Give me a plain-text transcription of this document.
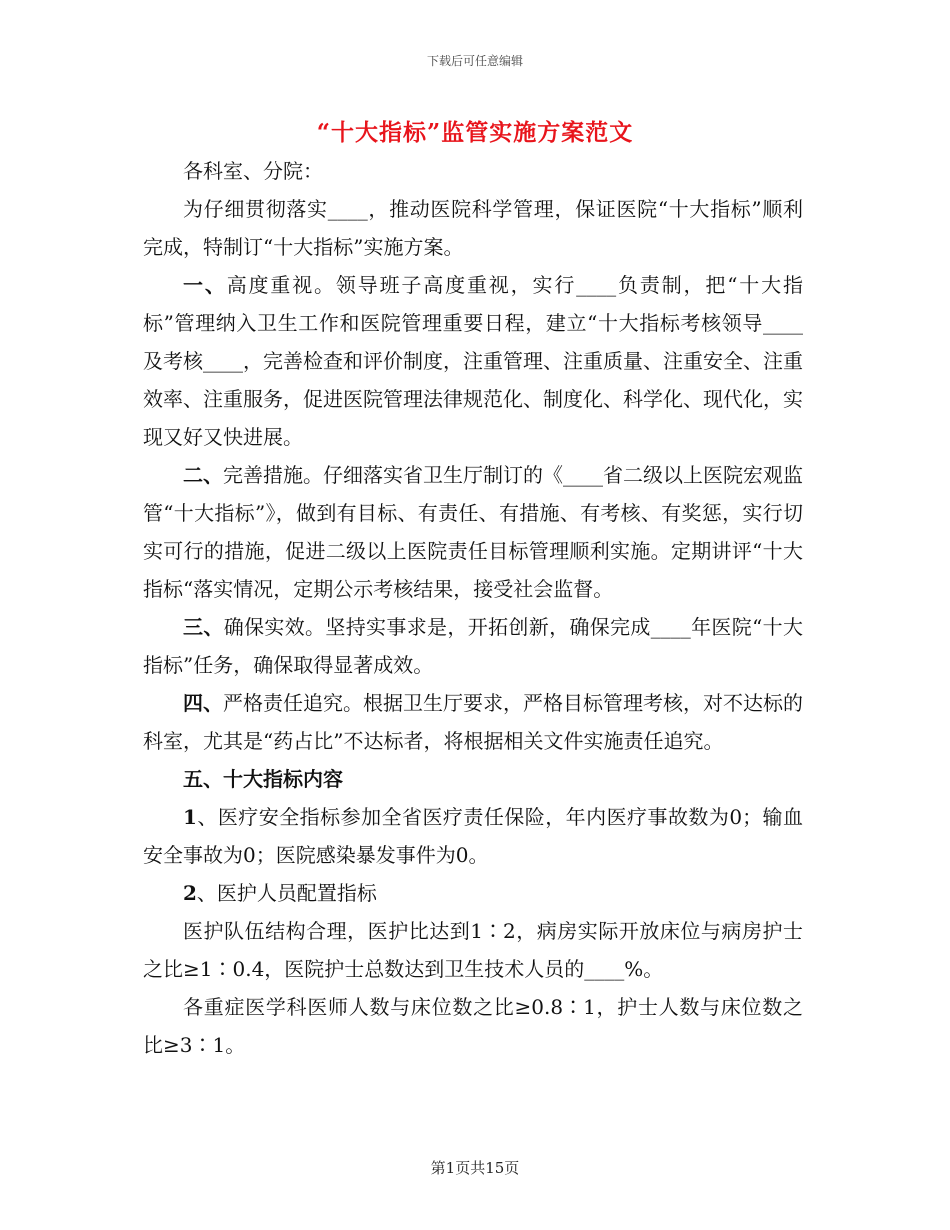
下载后可任意编辑
“十大指标”监管实施方案范文

各科室、分院：

为仔细贯彻落实____，推动医院科学管理，保证医院“十大指标”顺利完成，特制订“十大指标”实施方案。

一、高度重视。领导班子高度重视，实行____负责制，把“十大指标”管理纳入卫生工作和医院管理重要日程，建立“十大指标考核领导____及考核____，完善检查和评价制度，注重管理、注重质量、注重安全、注重效率、注重服务，促进医院管理法律规范化、制度化、科学化、现代化，实现又好又快进展。

二、完善措施。仔细落实省卫生厅制订的《____省二级以上医院宏观监管“十大指标”》，做到有目标、有责任、有措施、有考核、有奖惩，实行切实可行的措施，促进二级以上医院责任目标管理顺利实施。定期讲评“十大指标“落实情况，定期公示考核结果，接受社会监督。

三、确保实效。坚持实事求是，开拓创新，确保完成____年医院“十大指标”任务，确保取得显著成效。

四、严格责任追究。根据卫生厅要求，严格目标管理考核，对不达标的科室，尤其是“药占比”不达标者，将根据相关文件实施责任追究。

五、十大指标内容

1、医疗安全指标参加全省医疗责任保险，年内医疗事故数为0；输血安全事故为0；医院感染暴发事件为0。

2、医护人员配置指标

医护队伍结构合理，医护比达到1∶2，病房实际开放床位与病房护士之比≥1∶0.4，医院护士总数达到卫生技术人员的____%。

各重症医学科医师人数与床位数之比≥0.8∶1，护士人数与床位数之比≥3∶1。

第1页共15页
